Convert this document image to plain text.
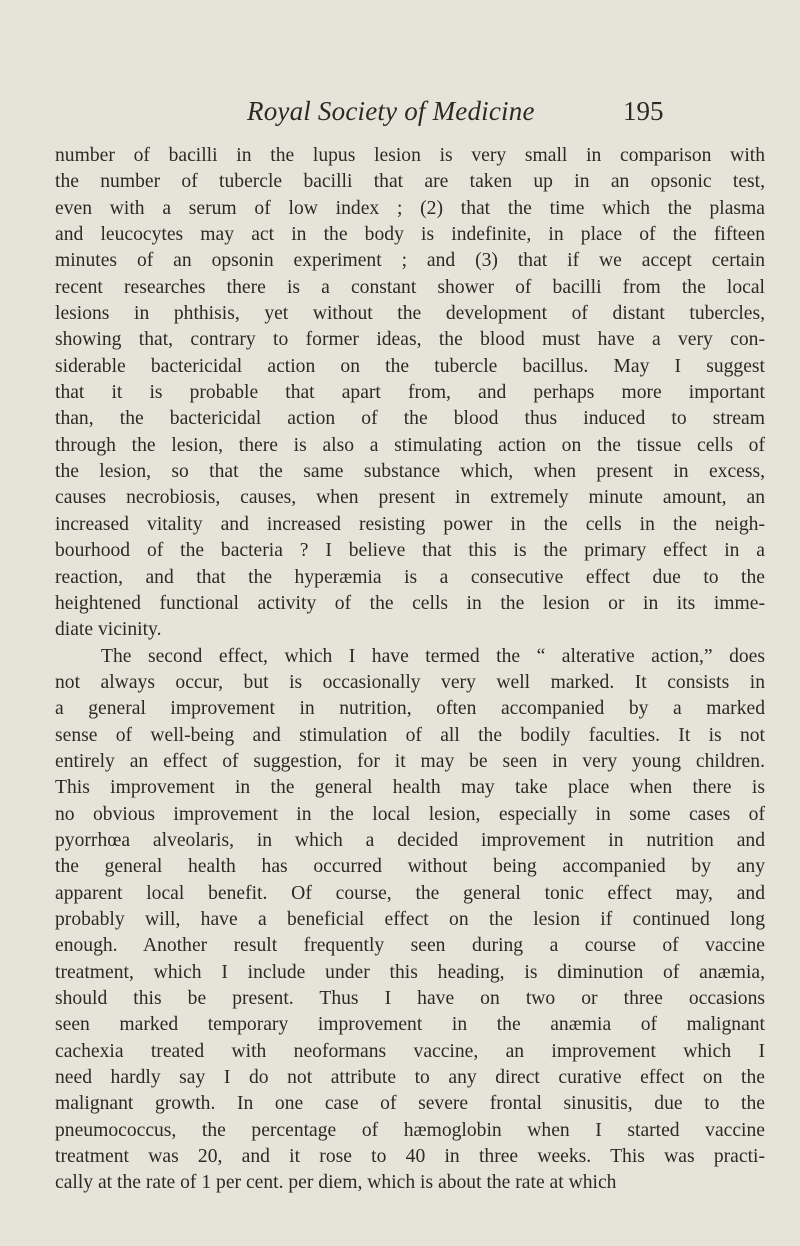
Royal Society of Medicine	195
number of bacilli in the lupus lesion is very small in comparison with
the number of tubercle bacilli that are taken up in an opsonic test,
even with a serum of low index ; (2) that the time which the plasma
and leucocytes may act in the body is indefinite, in place of the fifteen
minutes of an opsonin experiment ; and (3) that if we accept certain
recent researches there is a constant shower of bacilli from the local
lesions in phthisis, yet without the development of distant tubercles,
showing that, contrary to former ideas, the blood must have a very con-
siderable bactericidal action on the tubercle bacillus. May I suggest
that it is probable that apart from, and perhaps more important
than, the bactericidal action of the blood thus induced to stream
through the lesion, there is also a stimulating action on the tissue cells of
the lesion, so that the same substance which, when present in excess,
causes necrobiosis, causes, when present in extremely minute amount, an
increased vitality and increased resisting power in the cells in the neigh-
bourhood of the bacteria ? I believe that this is the primary effect in a
reaction, and that the hyperæmia is a consecutive effect due to the
heightened functional activity of the cells in the lesion or in its imme-
diate vicinity.
The second effect, which I have termed the “ alterative action,” does
not always occur, but is occasionally very well marked. It consists in
a general improvement in nutrition, often accompanied by a marked
sense of well-being and stimulation of all the bodily faculties. It is not
entirely an effect of suggestion, for it may be seen in very young children.
This improvement in the general health may take place when there is
no obvious improvement in the local lesion, especially in some cases of
pyorrhœa alveolaris, in which a decided improvement in nutrition and
the general health has occurred without being accompanied by any
apparent local benefit. Of course, the general tonic effect may, and
probably will, have a beneficial effect on the lesion if continued long
enough. Another result frequently seen during a course of vaccine
treatment, which I include under this heading, is diminution of anæmia,
should this be present. Thus I have on two or three occasions
seen marked temporary improvement in the anæmia of malignant
cachexia treated with neoformans vaccine, an improvement which I
need hardly say I do not attribute to any direct curative effect on the
malignant growth. In one case of severe frontal sinusitis, due to the
pneumococcus, the percentage of hæmoglobin when I started vaccine
treatment was 20, and it rose to 40 in three weeks. This was practi-
cally at the rate of 1 per cent. per diem, which is about the rate at which
